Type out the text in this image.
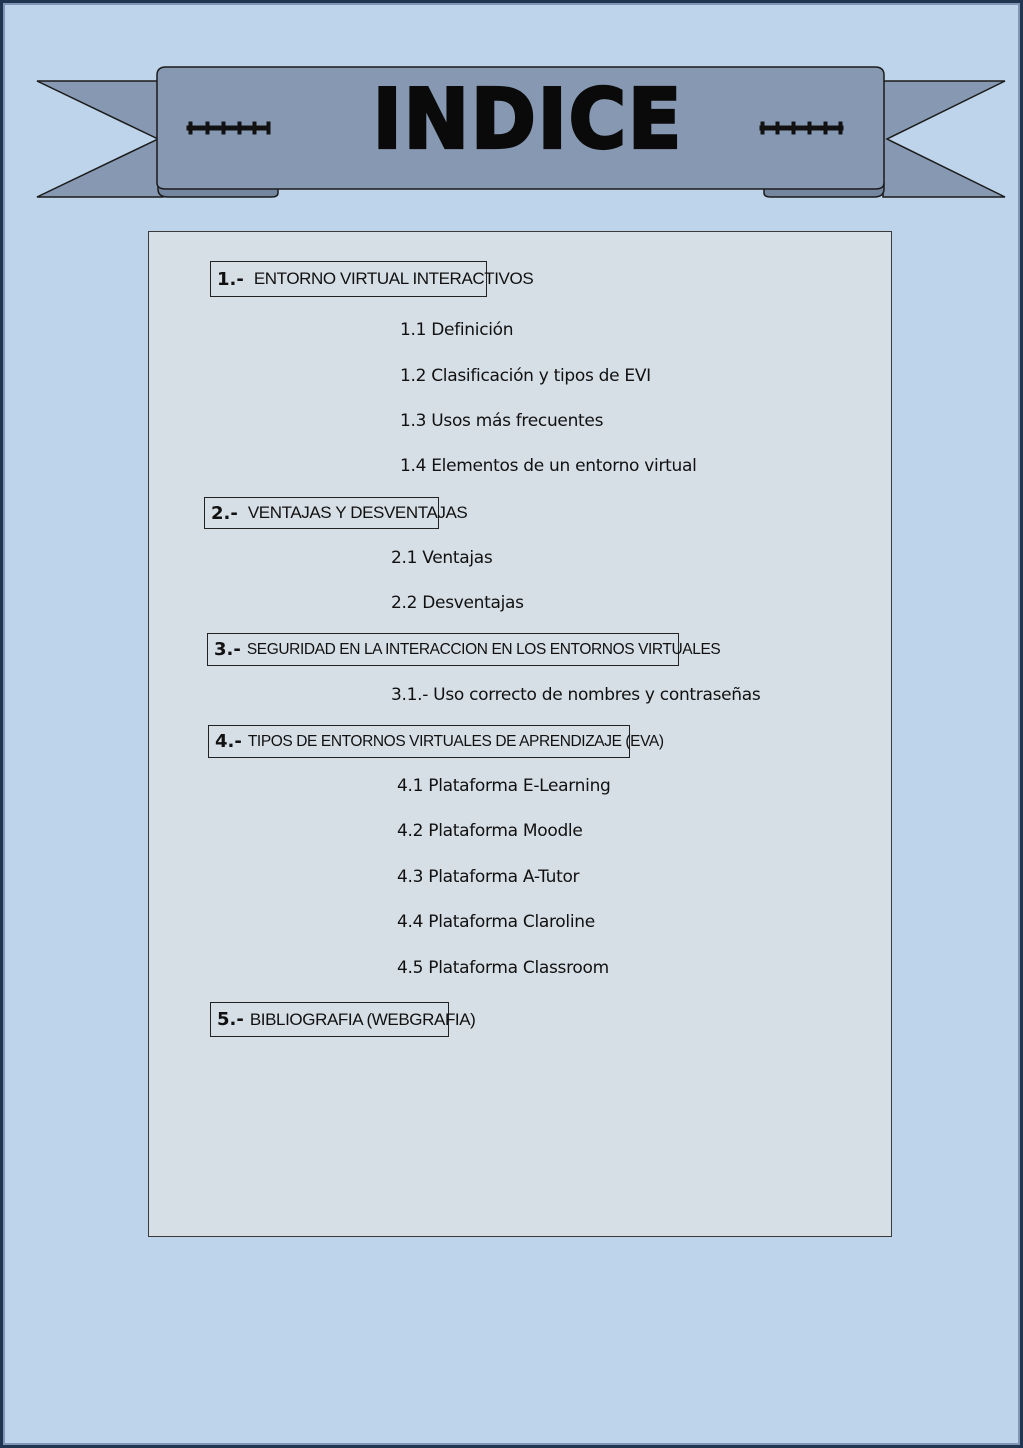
INDICE
1.- ENTORNO VIRTUAL INTERACTIVOS
1.1 Definición
1.2 Clasificación y tipos de EVI
1.3 Usos más frecuentes
1.4 Elementos de un entorno virtual
2.- VENTAJAS Y DESVENTAJAS
2.1 Ventajas
2.2 Desventajas
3.- SEGURIDAD EN LA INTERACCION EN LOS ENTORNOS VIRTUALES
3.1.- Uso correcto de nombres y contraseñas
4.- TIPOS DE ENTORNOS VIRTUALES DE APRENDIZAJE (EVA)
4.1 Plataforma E-Learning
4.2 Plataforma Moodle
4.3 Plataforma A-Tutor
4.4 Plataforma Claroline
4.5 Plataforma Classroom
5.- BIBLIOGRAFIA (WEBGRAFIA)
